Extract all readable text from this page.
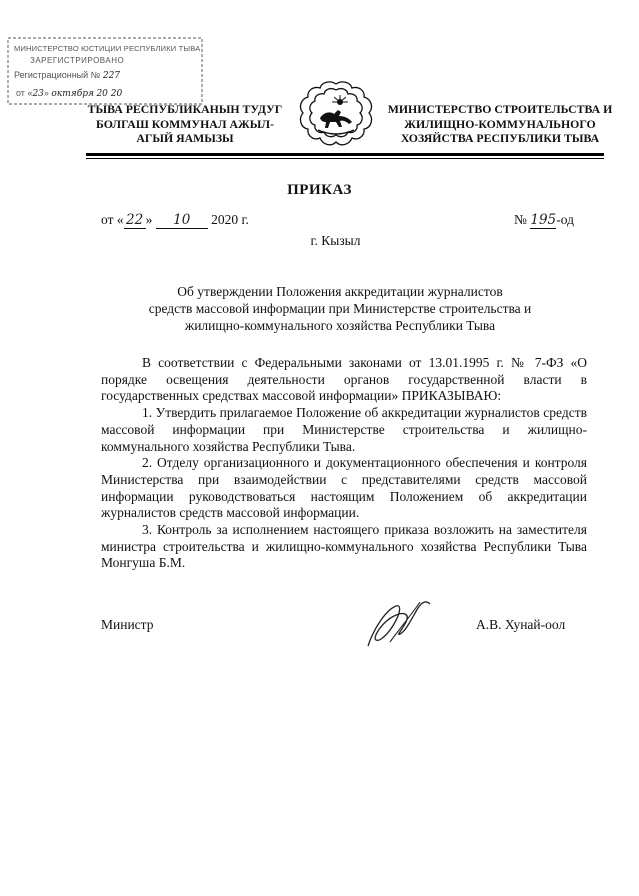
МИНИСТЕРСТВО ЮСТИЦИИ РЕСПУБЛИКИ ТЫВА
ЗАРЕГИСТРИРОВАНО
Регистрационный № 227
от «23» октября 20 20
ТЫВА РЕСПУБЛИКАНЫН ТУДУГ
БОЛГАШ КОММУНАЛ АЖЫЛ-
АГЫЙ ЯАМЫЗЫ
МИНИСТЕРСТВО СТРОИТЕЛЬСТВА И
ЖИЛИЩНО-КОММУНАЛЬНОГО
ХОЗЯЙСТВА РЕСПУБЛИКИ ТЫВА
ПРИКАЗ
от « 22 » 10 2020 г.	№ 195-од
г. Кызыл
Об утверждении Положения аккредитации журналистов
средств массовой информации при Министерстве строительства и
жилищно-коммунального хозяйства Республики Тыва

В соответствии с Федеральными законами от 13.01.1995 г. № 7-ФЗ «О порядке освещения деятельности органов государственной власти в государственных средствах массовой информации» ПРИКАЗЫВАЮ:

1. Утвердить прилагаемое Положение об аккредитации журналистов средств массовой информации при Министерстве строительства и жилищно-коммунального хозяйства Республики Тыва.

2. Отделу организационного и документационного обеспечения и контроля Министерства при взаимодействии с представителями средств массовой информации руководствоваться настоящим Положением об аккредитации журналистов средств массовой информации.

3. Контроль за исполнением настоящего приказа возложить на заместителя министра строительства и жилищно-коммунального хозяйства Республики Тыва Монгуша Б.М.

Министр	А.В. Хунай-оол
